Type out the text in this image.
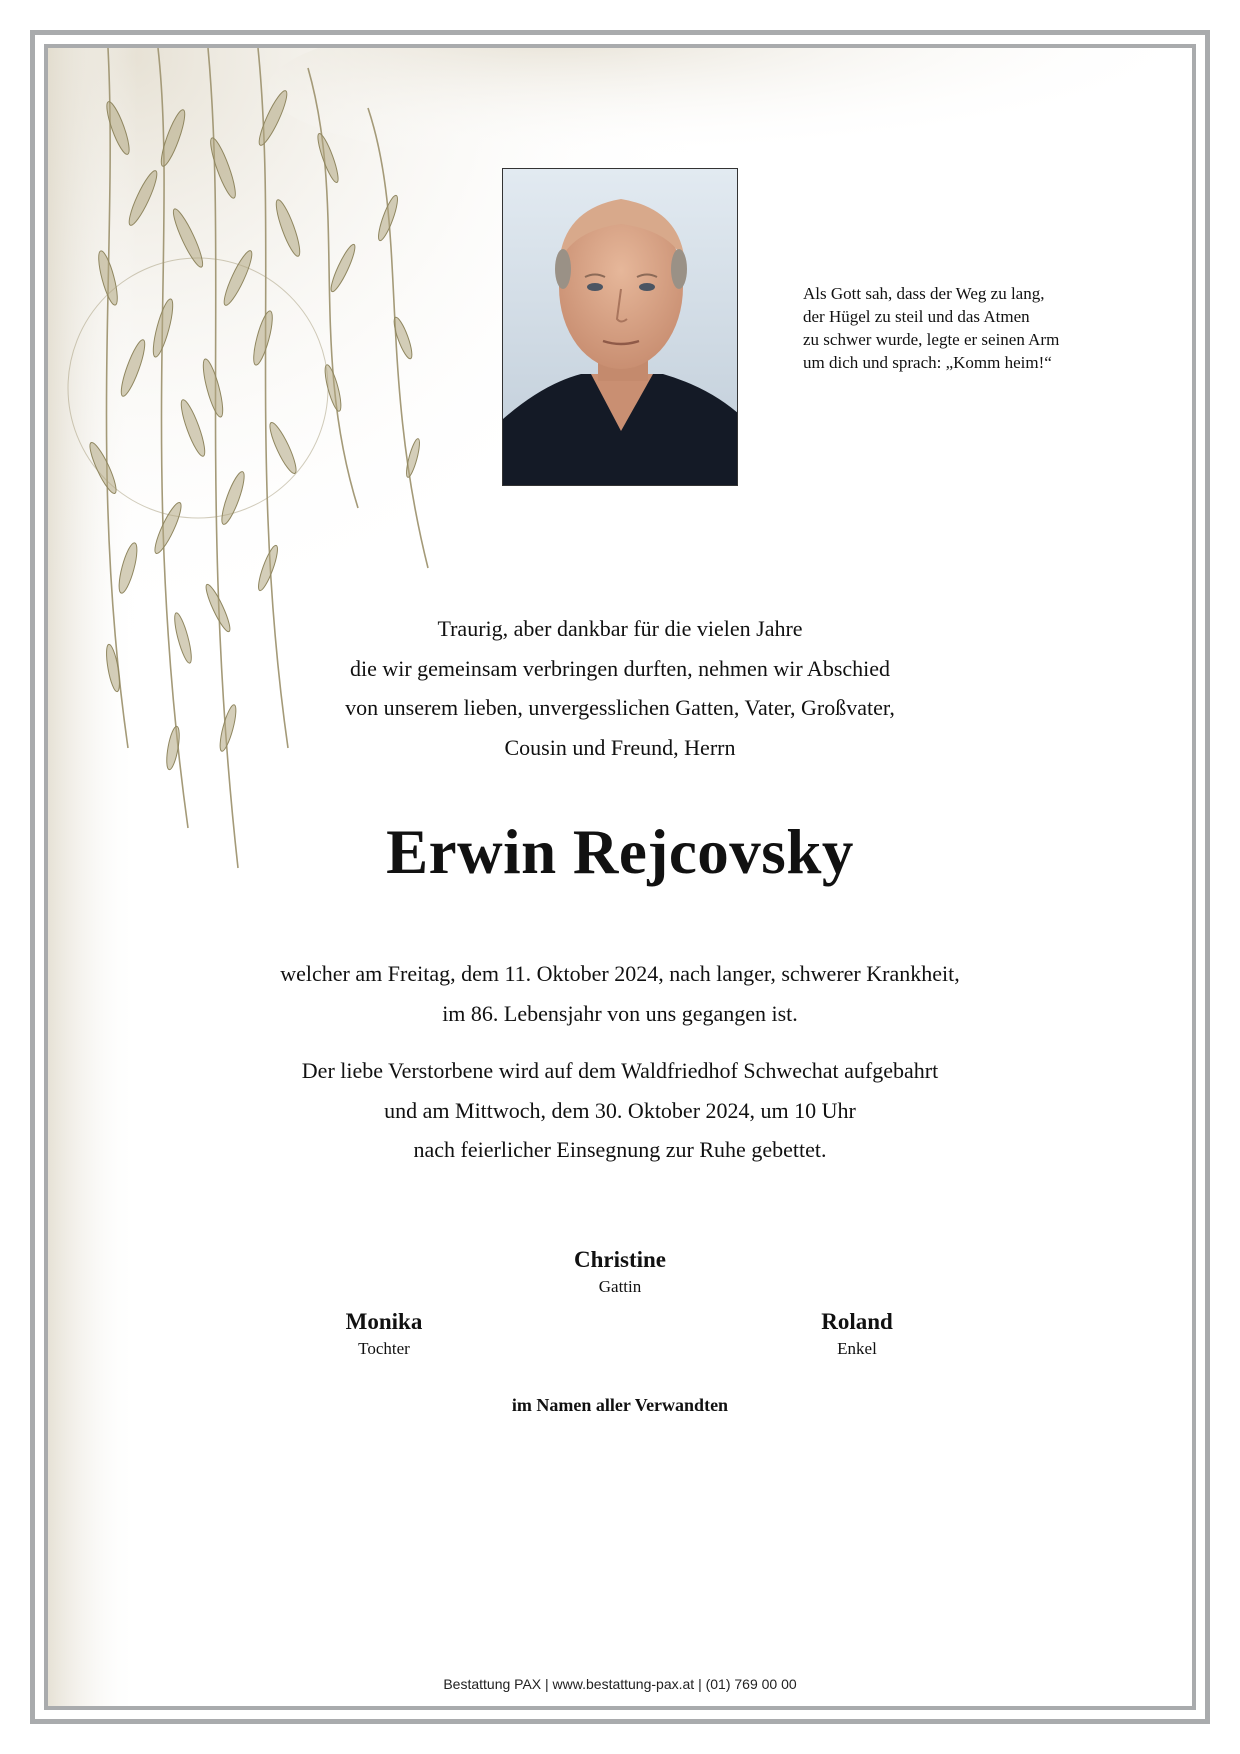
Als Gott sah, dass der Weg zu lang,
der Hügel zu steil und das Atmen
zu schwer wurde, legte er seinen Arm
um dich und sprach: „Komm heim!“
Traurig, aber dankbar für die vielen Jahre
die wir gemeinsam verbringen durften, nehmen wir Abschied
von unserem lieben, unvergesslichen Gatten, Vater, Großvater,
Cousin und Freund, Herrn
Erwin Rejcovsky
welcher am Freitag, dem 11. Oktober 2024, nach langer, schwerer Krankheit,
im 86. Lebensjahr von uns gegangen ist.
Der liebe Verstorbene wird auf dem Waldfriedhof Schwechat aufgebahrt
und am Mittwoch, dem 30. Oktober 2024, um 10 Uhr
nach feierlicher Einsegnung zur Ruhe gebettet.
Christine
Gattin
Monika
Tochter
Roland
Enkel
im Namen aller Verwandten
Bestattung PAX | www.bestattung-pax.at | (01) 769 00 00
